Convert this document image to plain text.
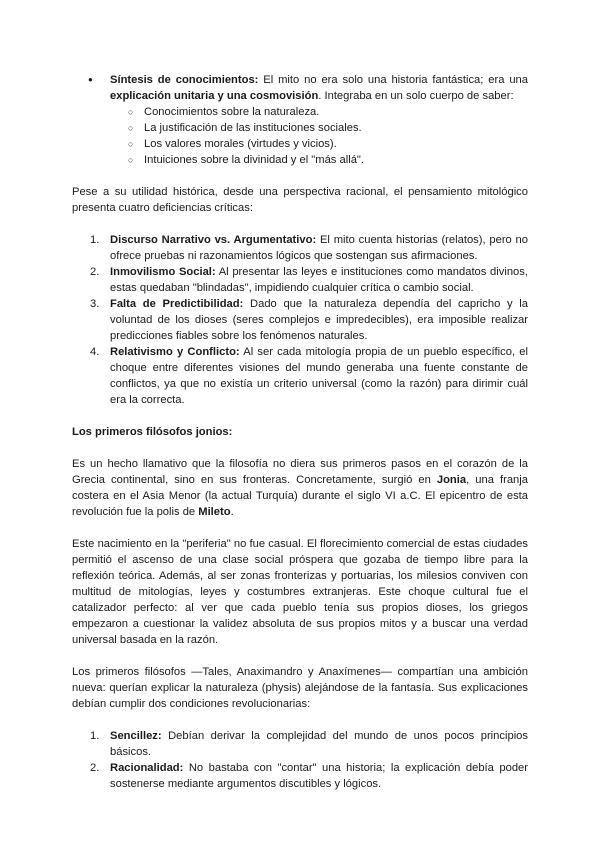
● Síntesis de conocimientos: El mito no era solo una historia fantástica; era una explicación unitaria y una cosmovisión. Integraba en un solo cuerpo de saber:
○ Conocimientos sobre la naturaleza.
○ La justificación de las instituciones sociales.
○ Los valores morales (virtudes y vicios).
○ Intuiciones sobre la divinidad y el "más allá".

Pese a su utilidad histórica, desde una perspectiva racional, el pensamiento mitológico presenta cuatro deficiencias críticas:

1. Discurso Narrativo vs. Argumentativo: El mito cuenta historias (relatos), pero no ofrece pruebas ni razonamientos lógicos que sostengan sus afirmaciones.
2. Inmovilismo Social: Al presentar las leyes e instituciones como mandatos divinos, estas quedaban "blindadas", impidiendo cualquier crítica o cambio social.
3. Falta de Predictibilidad: Dado que la naturaleza dependía del capricho y la voluntad de los dioses (seres complejos e impredecibles), era imposible realizar predicciones fiables sobre los fenómenos naturales.
4. Relativismo y Conflicto: Al ser cada mitología propia de un pueblo específico, el choque entre diferentes visiones del mundo generaba una fuente constante de conflictos, ya que no existía un criterio universal (como la razón) para dirimir cuál era la correcta.
Los primeros filósofos jonios:

Es un hecho llamativo que la filosofía no diera sus primeros pasos en el corazón de la Grecia continental, sino en sus fronteras. Concretamente, surgió en Jonia, una franja costera en el Asia Menor (la actual Turquía) durante el siglo VI a.C. El epicentro de esta revolución fue la polis de Mileto.

Este nacimiento en la "periferia" no fue casual. El florecimiento comercial de estas ciudades permitió el ascenso de una clase social próspera que gozaba de tiempo libre para la reflexión teórica. Además, al ser zonas fronterizas y portuarias, los milesios conviven con multitud de mitologías, leyes y costumbres extranjeras. Este choque cultural fue el catalizador perfecto: al ver que cada pueblo tenía sus propios dioses, los griegos empezaron a cuestionar la validez absoluta de sus propios mitos y a buscar una verdad universal basada en la razón.

Los primeros filósofos —Tales, Anaximandro y Anaxímenes— compartían una ambición nueva: querían explicar la naturaleza (physis) alejándose de la fantasía. Sus explicaciones debían cumplir dos condiciones revolucionarias:

1. Sencillez: Debían derivar la complejidad del mundo de unos pocos principios básicos.
2. Racionalidad: No bastaba con "contar" una historia; la explicación debía poder sostenerse mediante argumentos discutibles y lógicos.
